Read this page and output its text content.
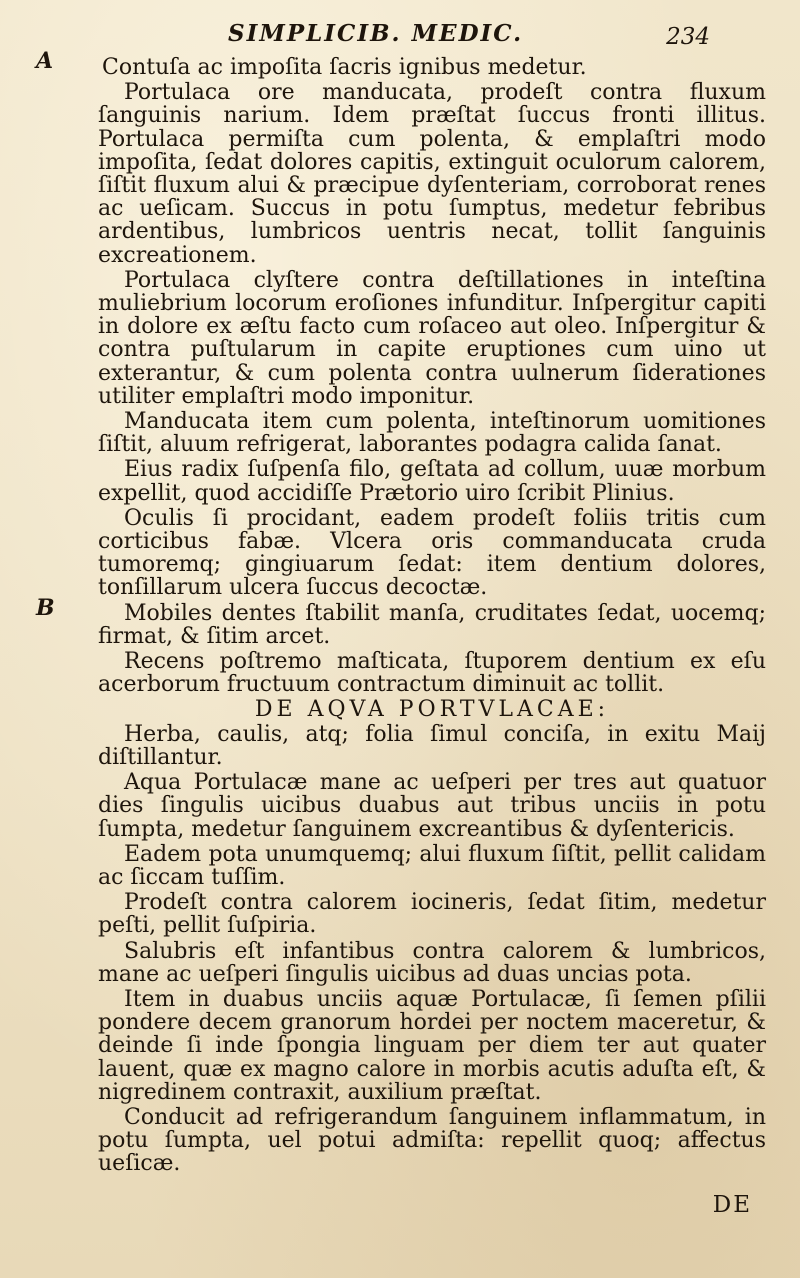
SIMPLICIB. MEDIC.	234
A
B

Contuſa ac impoſita ſacris ignibus medetur.

Portulaca ore manducata, prodeſt contra fluxum ſanguinis narium. Idem præſtat ſuccus fronti illitus. Portulaca permiſta cum polenta, & emplaſtri modo impoſita, ſedat dolores capitis, extinguit oculorum calorem, ſiſtit fluxum alui & præcipue dyſenteriam, corroborat renes ac ueſicam. Succus in potu ſumptus, medetur febribus ardentibus, lumbricos uentris necat, tollit ſanguinis excreationem.

Portulaca clyſtere contra deſtillationes in inteſtina muliebrium locorum eroſiones infunditur. Inſpergitur capiti in dolore ex æſtu facto cum roſaceo aut oleo. Inſpergitur & contra puſtularum in capite eruptiones cum uino ut exterantur, & cum polenta contra uulnerum ſiderationes utiliter emplaſtri modo imponitur.

Manducata item cum polenta, inteſtinorum uomitiones ſiſtit, aluum refrigerat, laborantes podagra calida ſanat.

Eius radix ſuſpenſa filo, geſtata ad collum, uuæ morbum expellit, quod accidiſſe Prætorio uiro ſcribit Plinius.

Oculis ſi procidant, eadem prodeſt foliis tritis cum corticibus fabæ. Vlcera oris commanducata cruda tumoremq; gingiuarum ſedat: item dentium dolores, tonſillarum ulcera ſuccus decoctæ.

Mobiles dentes ſtabilit manſa, cruditates ſedat, uocemq; firmat, & ſitim arcet.

Recens poſtremo maſticata, ſtuporem dentium ex eſu acerborum fructuum contractum diminuit ac tollit.

DE AQVA PORTVLACAE:

Herba, caulis, atq; folia ſimul conciſa, in exitu Maij diſtillantur.

Aqua Portulacæ mane ac ueſperi per tres aut quatuor dies ſingulis uicibus duabus aut tribus unciis in potu ſumpta, medetur ſanguinem excreantibus & dyſentericis.

Eadem pota unumquemq; alui fluxum ſiſtit, pellit calidam ac ſiccam tuſſim.

Prodeſt contra calorem iocineris, ſedat ſitim, medetur peſti, pellit ſuſpiria.

Salubris eſt infantibus contra calorem & lumbricos, mane ac ueſperi ſingulis uicibus ad duas uncias pota.

Item in duabus unciis aquæ Portulacæ, ſi ſemen pſilii pondere decem granorum hordei per noctem maceretur, & deinde ſi inde ſpongia linguam per diem ter aut quater lauent, quæ ex magno calore in morbis acutis aduſta eſt, & nigredinem contraxit, auxilium præſtat.

Conducit ad refrigerandum ſanguinem inflammatum, in potu ſumpta, uel potui admiſta: repellit quoq; affectus ueſicæ.

DE
